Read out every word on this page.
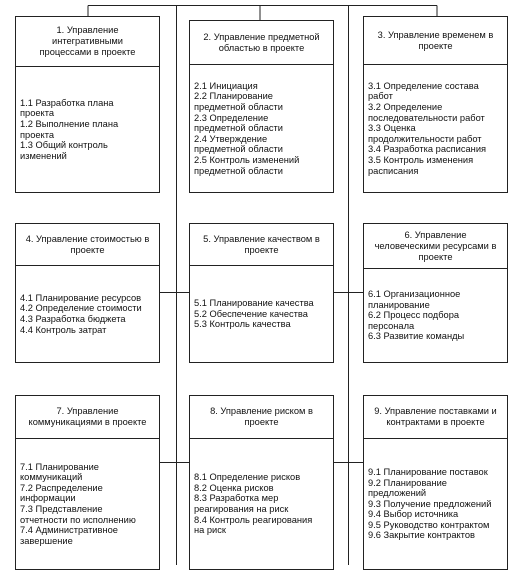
1. Управление
интегративными
процессами в проекте
1.1 Разработка плана
проекта
1.2 Выполнение плана
проекта
1.3 Общий контроль
изменений
2. Управление предметной
областью в проекте
2.1 Инициация
2.2 Планирование
предметной области
2.3 Определение
предметной области
2.4 Утверждение
предметной области
2.5 Контроль изменений
предметной области
3. Управление временем в
проекте
3.1 Определение состава
работ
3.2 Определение
последовательности работ
3.3 Оценка
продолжительности работ
3.4 Разработка расписания
3.5 Контроль изменения
расписания
4. Управление стоимостью в
проекте
4.1 Планирование ресурсов
4.2 Определение стоимости
4.3 Разработка бюджета
4.4 Контроль затрат
5. Управление качеством в
проекте
5.1 Планирование качества
5.2 Обеспечение качества
5.3 Контроль качества
6. Управление
человеческими ресурсами в
проекте
6.1 Организационное
планирование
6.2 Процесс подбора
персонала
6.3 Развитие команды
7. Управление
коммуникациями в проекте
7.1 Планирование
коммуникаций
7.2 Распределение
информации
7.3 Представление
отчетности по исполнению
7.4 Административное
завершение
8. Управление риском в
проекте
8.1 Определение рисков
8.2 Оценка рисков
8.3 Разработка мер
реагирования на риск
8.4 Контроль реагирования
на риск
9. Управление поставками и
контрактами в проекте
9.1 Планирование поставок
9.2 Планирование
предложений
9.3 Получение предложений
9.4 Выбор источника
9.5 Руководство контрактом
9.6 Закрытие контрактов
